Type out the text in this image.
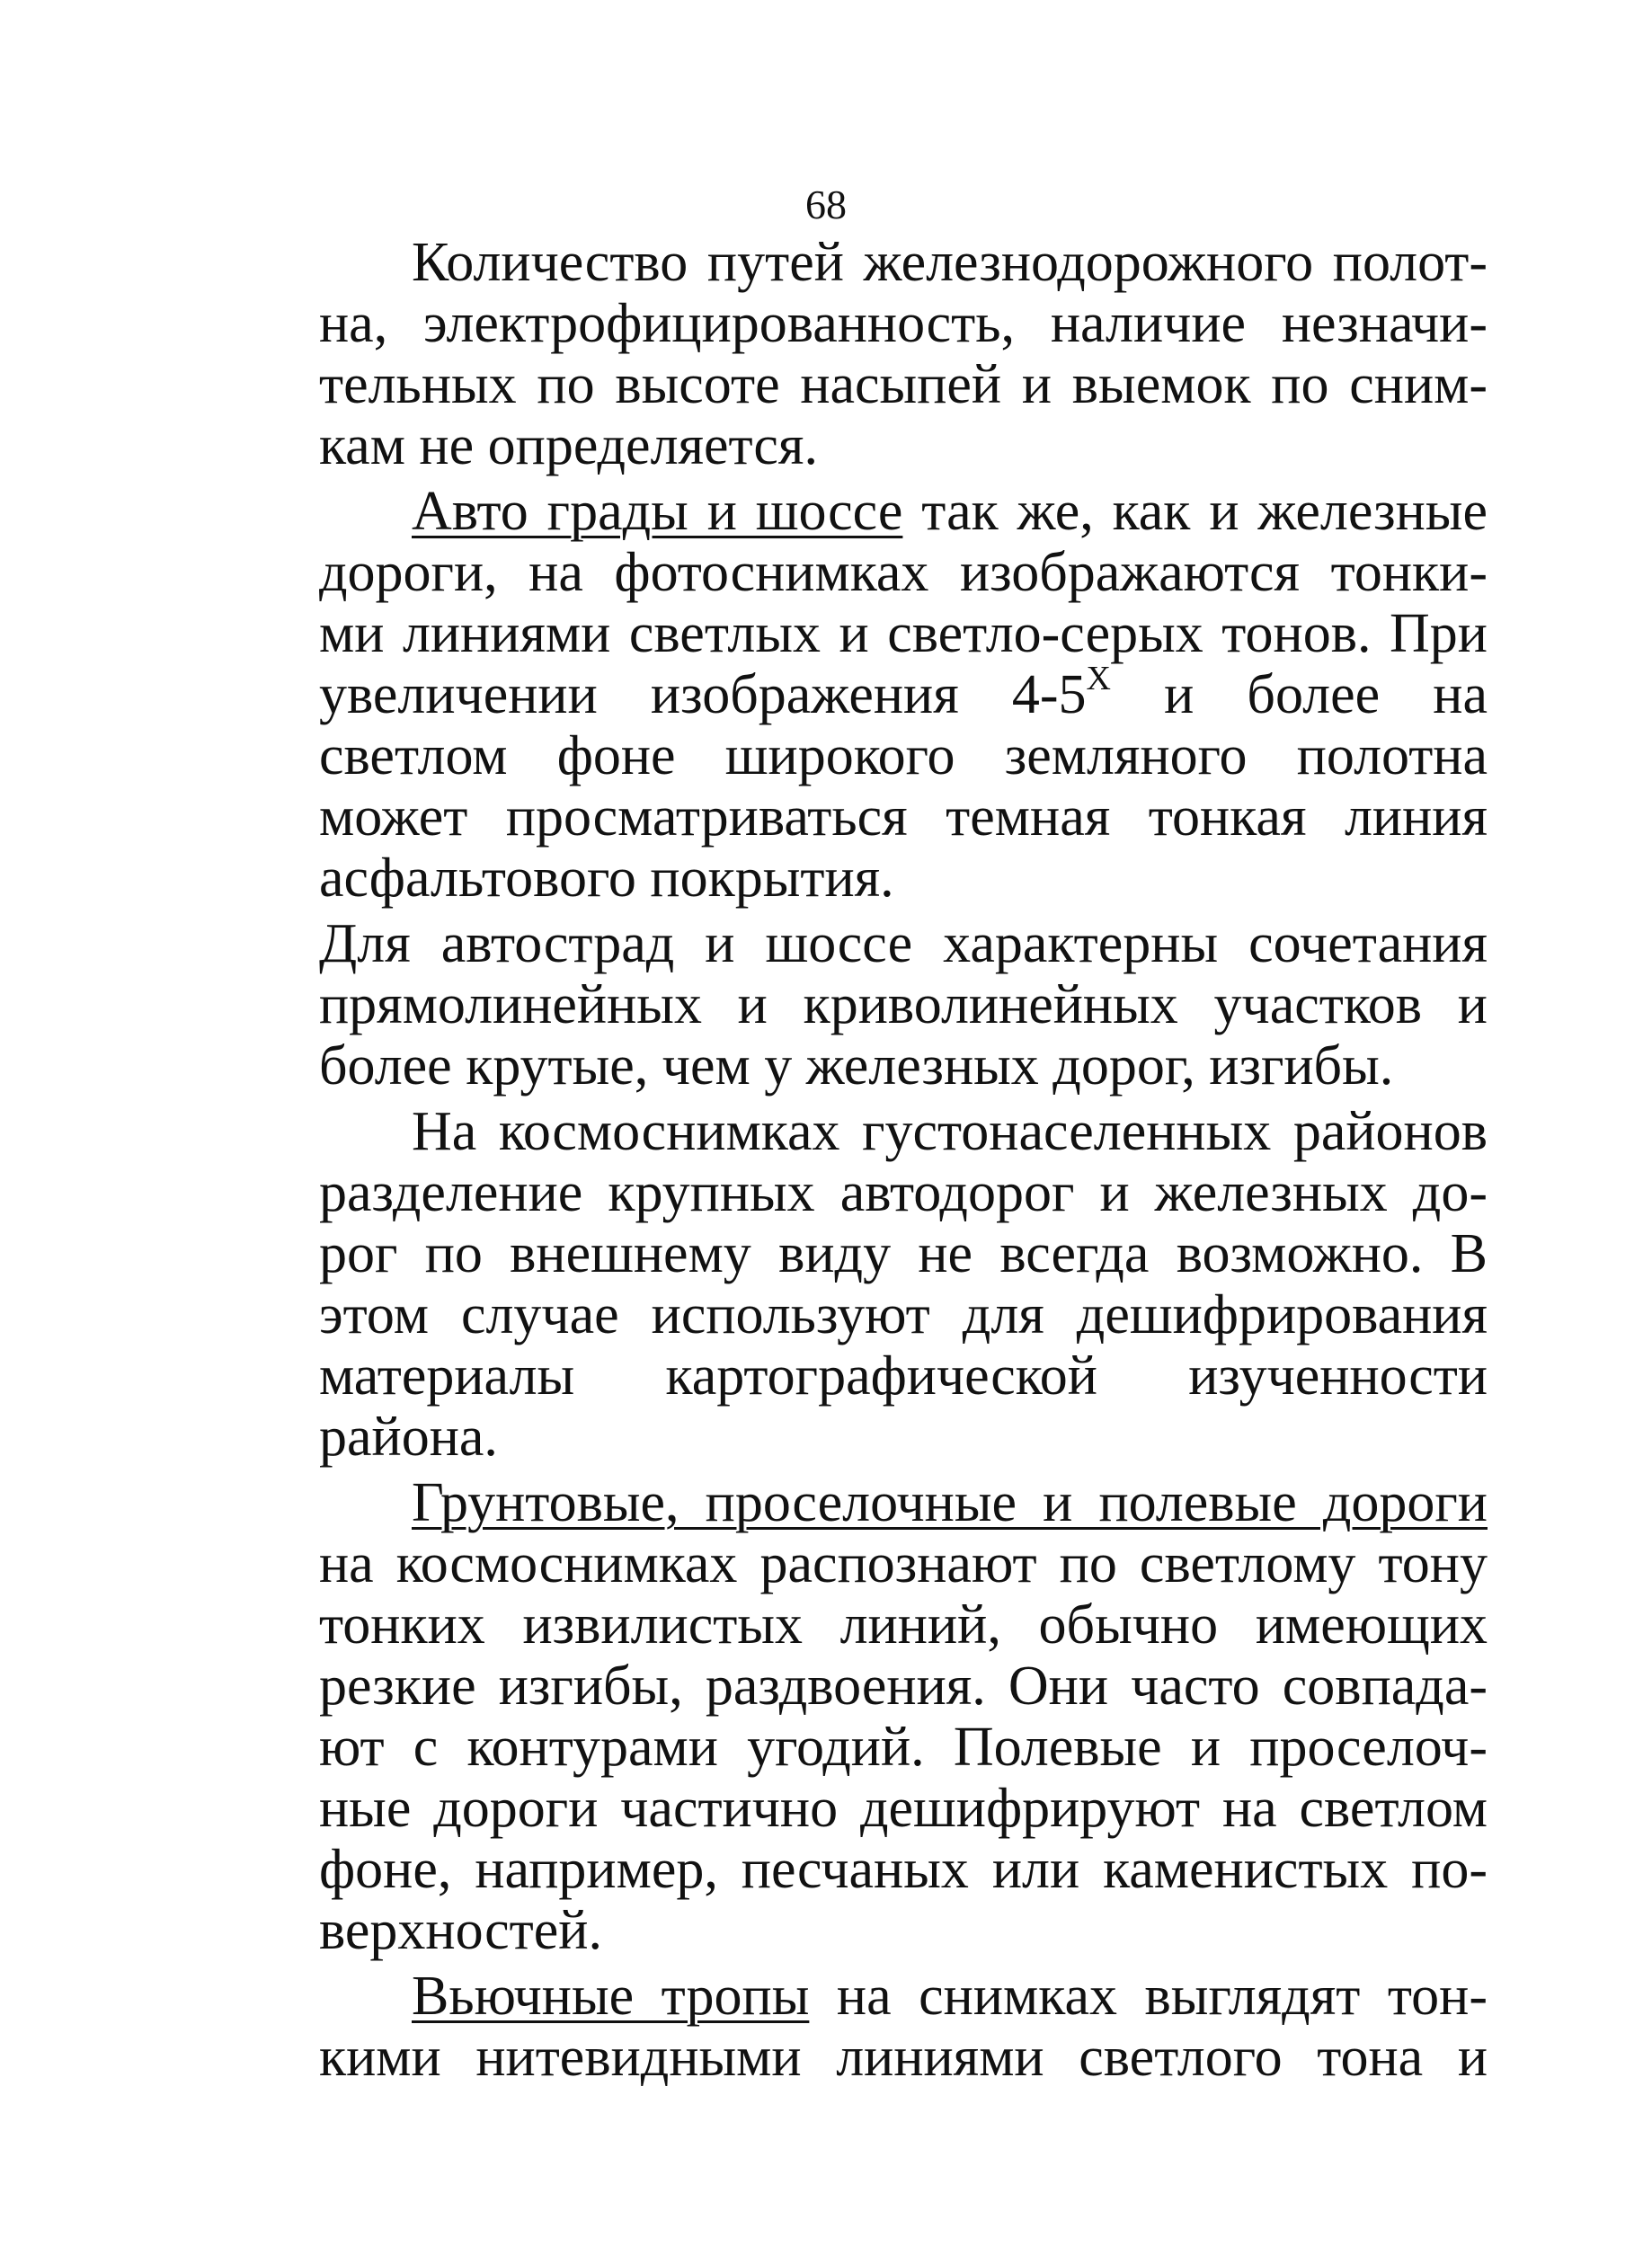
68
Количество путей железнодорожного полот-
на, электрофицированность, наличие незначи-
тельных по высоте насыпей и выемок по сним-
кам не определяется.
Авто грады и шоссе так же, как и железные
дороги, на фотоснимках изображаются тонки-
ми линиями светлых и светло-серых тонов. При
увеличении изображения $4-5^X$ и более на
светлом фоне широкого земляного полотна
может просматриваться темная тонкая линия
асфальтового покрытия.
Для автострад и шоссе характерны сочетания
прямолинейных и криволинейных участков и
более крутые, чем у железных дорог, изгибы.
На космоснимках густонаселенных районов
разделение крупных автодорог и железных до-
рог по внешнему виду не всегда возможно. В
этом случае используют для дешифрирования
материалы картографической изученности
района.
Грунтовые, проселочные и полевые дороги
на космоснимках распознают по светлому тону
тонких извилистых линий, обычно имеющих
резкие изгибы, раздвоения. Они часто совпада-
ют с контурами угодий. Полевые и проселоч-
ные дороги частично дешифрируют на светлом
фоне, например, песчаных или каменистых по-
верхностей.
Вьючные тропы на снимках выглядят тон-
кими нитевидными линиями светлого тона и
